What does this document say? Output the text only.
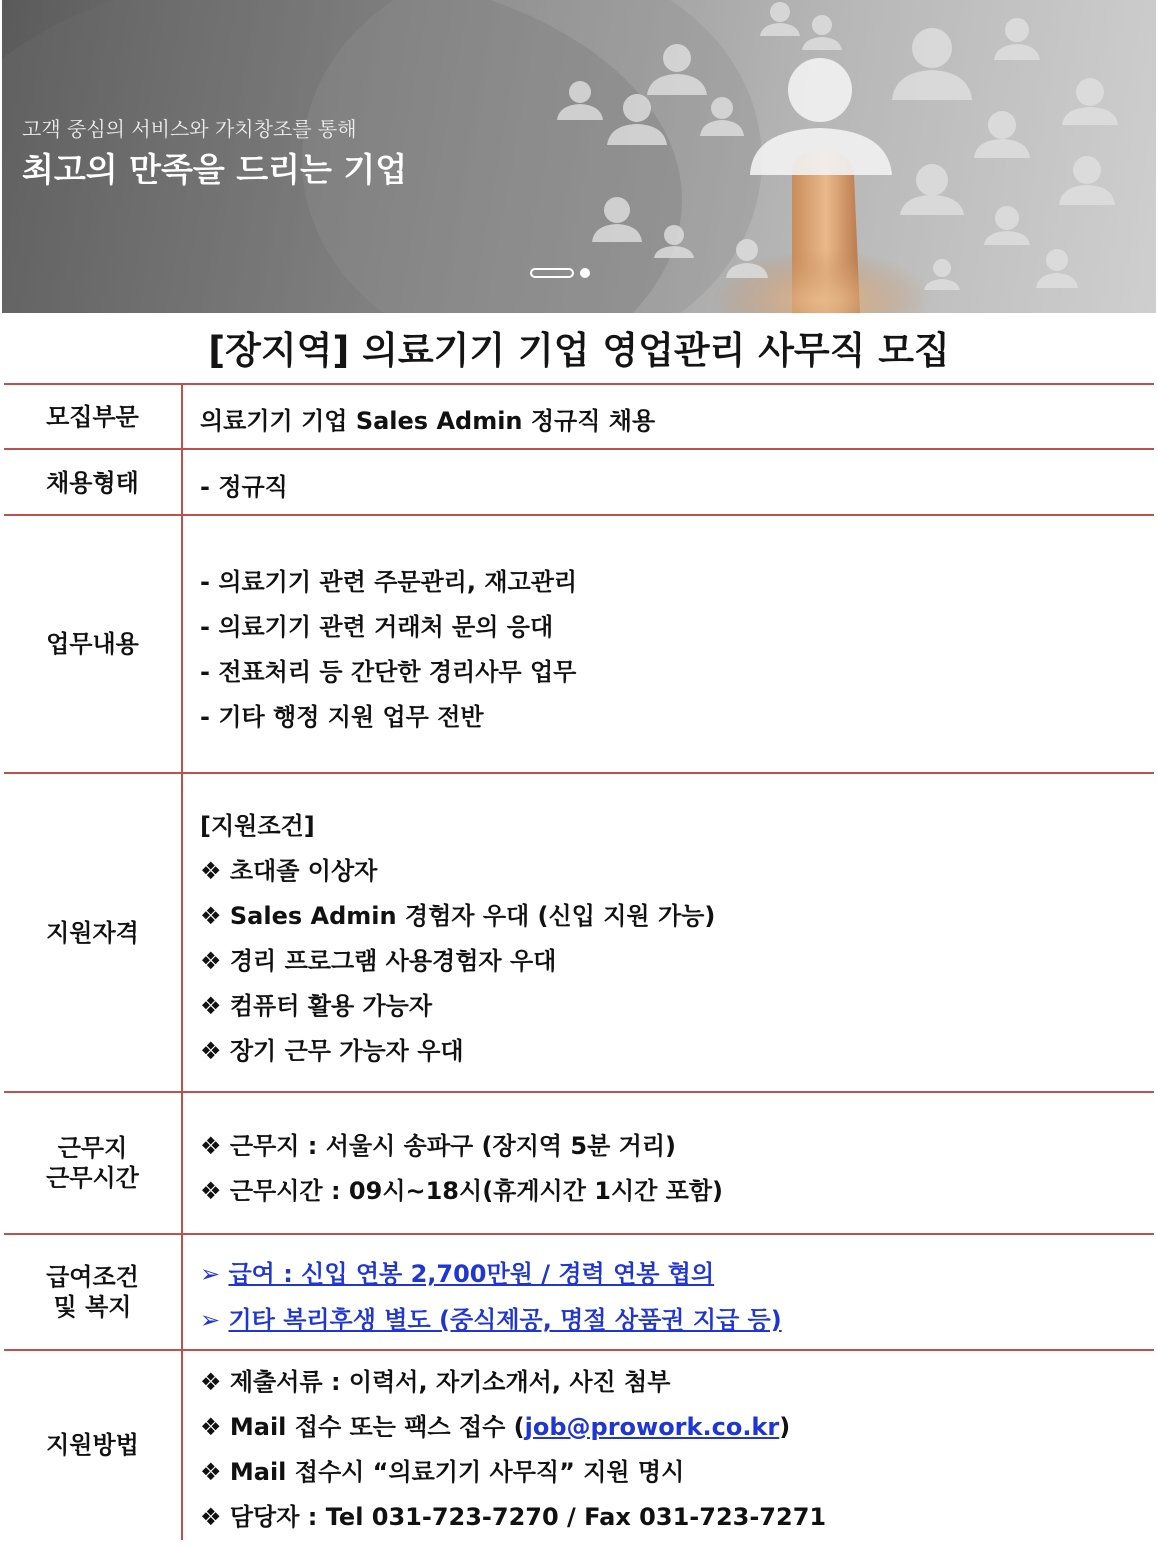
고객 중심의 서비스와 가치창조를 통해
최고의 만족을 드리는 기업
[장지역] 의료기기 기업 영업관리 사무직 모집
모집부문	의료기기 기업 Sales Admin 정규직 채용
채용형태	- 정규직
업무내용
- 의료기기 관련 주문관리, 재고관리
- 의료기기 관련 거래처 문의 응대
- 전표처리 등 간단한 경리사무 업무
- 기타 행정 지원 업무 전반
지원자격
[지원조건]
❖ 초대졸 이상자
❖ Sales Admin 경험자 우대 (신입 지원 가능)
❖ 경리 프로그램 사용경험자 우대
❖ 컴퓨터 활용 가능자
❖ 장기 근무 가능자 우대
근무지
근무시간
❖ 근무지 : 서울시 송파구 (장지역 5분 거리)
❖ 근무시간 : 09시~18시(휴게시간 1시간 포함)
급여조건
및 복지
➢ 급여 : 신입 연봉 2,700만원 / 경력 연봉 협의
➢ 기타 복리후생 별도 (중식제공, 명절 상품권 지급 등)
지원방법
❖ 제출서류 : 이력서, 자기소개서, 사진 첨부
❖ Mail 접수 또는 팩스 접수 (job@prowork.co.kr)
❖ Mail 접수시 “의료기기 사무직” 지원 명시
❖ 담당자 : Tel 031-723-7270 / Fax 031-723-7271
